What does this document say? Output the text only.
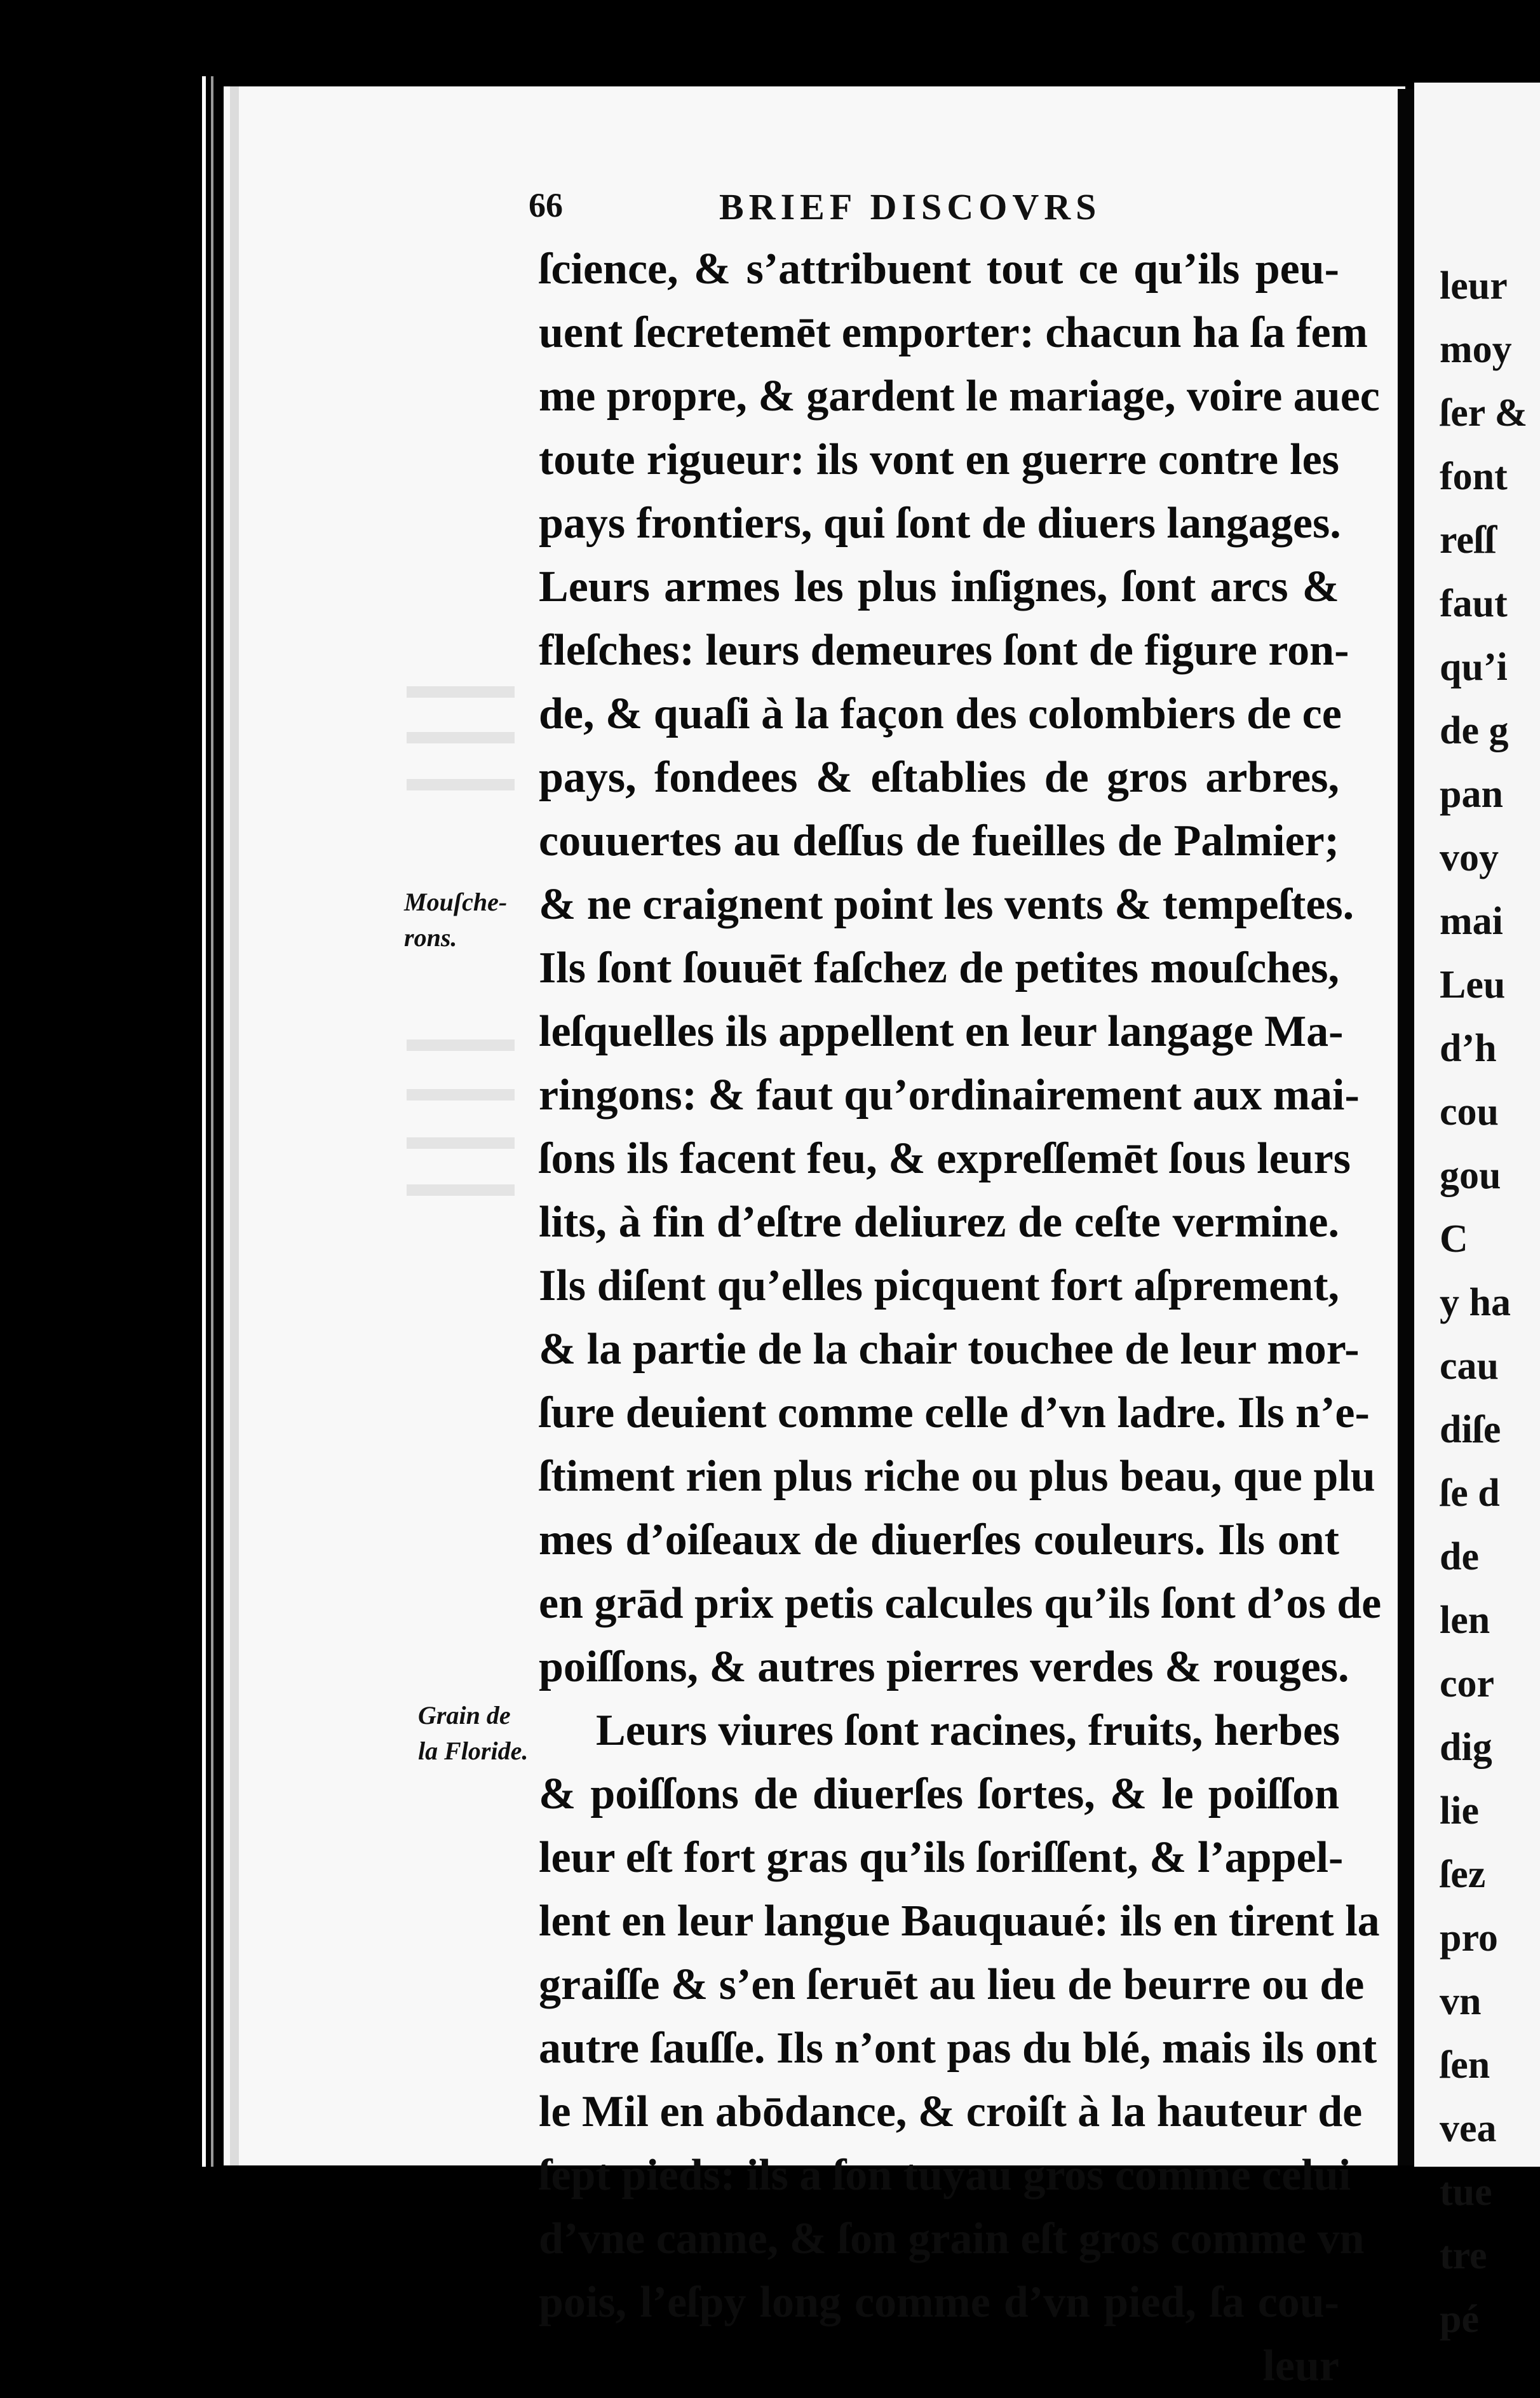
66	BRIEF DISCOVRS
Mouſche-
rons.
Grain de
la Floride.
ſcience, & s’attribuent tout ce qu’ils peu-
uent ſecretemēt emporter: chacun ha ſa fem
me propre, & gardent le mariage, voire auec
toute rigueur: ils vont en guerre contre les
pays frontiers, qui ſont de diuers langages.
Leurs armes les plus inſignes, ſont arcs &
fleſches: leurs demeures ſont de figure ron-
de, & quaſi à la façon des colombiers de ce
pays, fondees & eſtablies de gros arbres,
couuertes au deſſus de fueilles de Palmier;
& ne craignent point les vents & tempeſtes.
Ils ſont ſouuēt faſchez de petites mouſches,
leſquelles ils appellent en leur langage Ma-
ringons: & faut qu’ordinairement aux mai-
ſons ils facent feu, & expreſſemēt ſous leurs
lits, à fin d’eſtre deliurez de ceſte vermine.
Ils diſent qu’elles picquent fort aſprement,
& la partie de la chair touchee de leur mor-
ſure deuient comme celle d’vn ladre. Ils n’e-
ſtiment rien plus riche ou plus beau, que plu
mes d’oiſeaux de diuerſes couleurs. Ils ont
en grād prix petis calcules qu’ils ſont d’os de
poiſſons, & autres pierres verdes & rouges.
Leurs viures ſont racines, fruits, herbes
& poiſſons de diuerſes ſortes, & le poiſſon
leur eſt fort gras qu’ils ſoriſſent, & l’appel-
lent en leur langue Bauquaué: ils en tirent la
graiſſe & s’en ſeruēt au lieu de beurre ou de
autre ſauſſe. Ils n’ont pas du blé, mais ils ont
le Mil en abōdance, & croiſt à la hauteur de
ſept pieds: ils a ſon tuyau gros comme celui
d’vne canne, & ſon grain eſt gros comme vn
pois, l’eſpy long comme d’vn pied, ſa cou-
leur
leur
moy
ſer &
font
reſſ
faut
qu’i
de g
pan
voy
mai
Leu
d’h
cou
gou
C
y ha
cau
diſe
ſe d
de
len
cor
dig
lie
ſez
pro
vn
ſen
vea
tue
tre
pé
